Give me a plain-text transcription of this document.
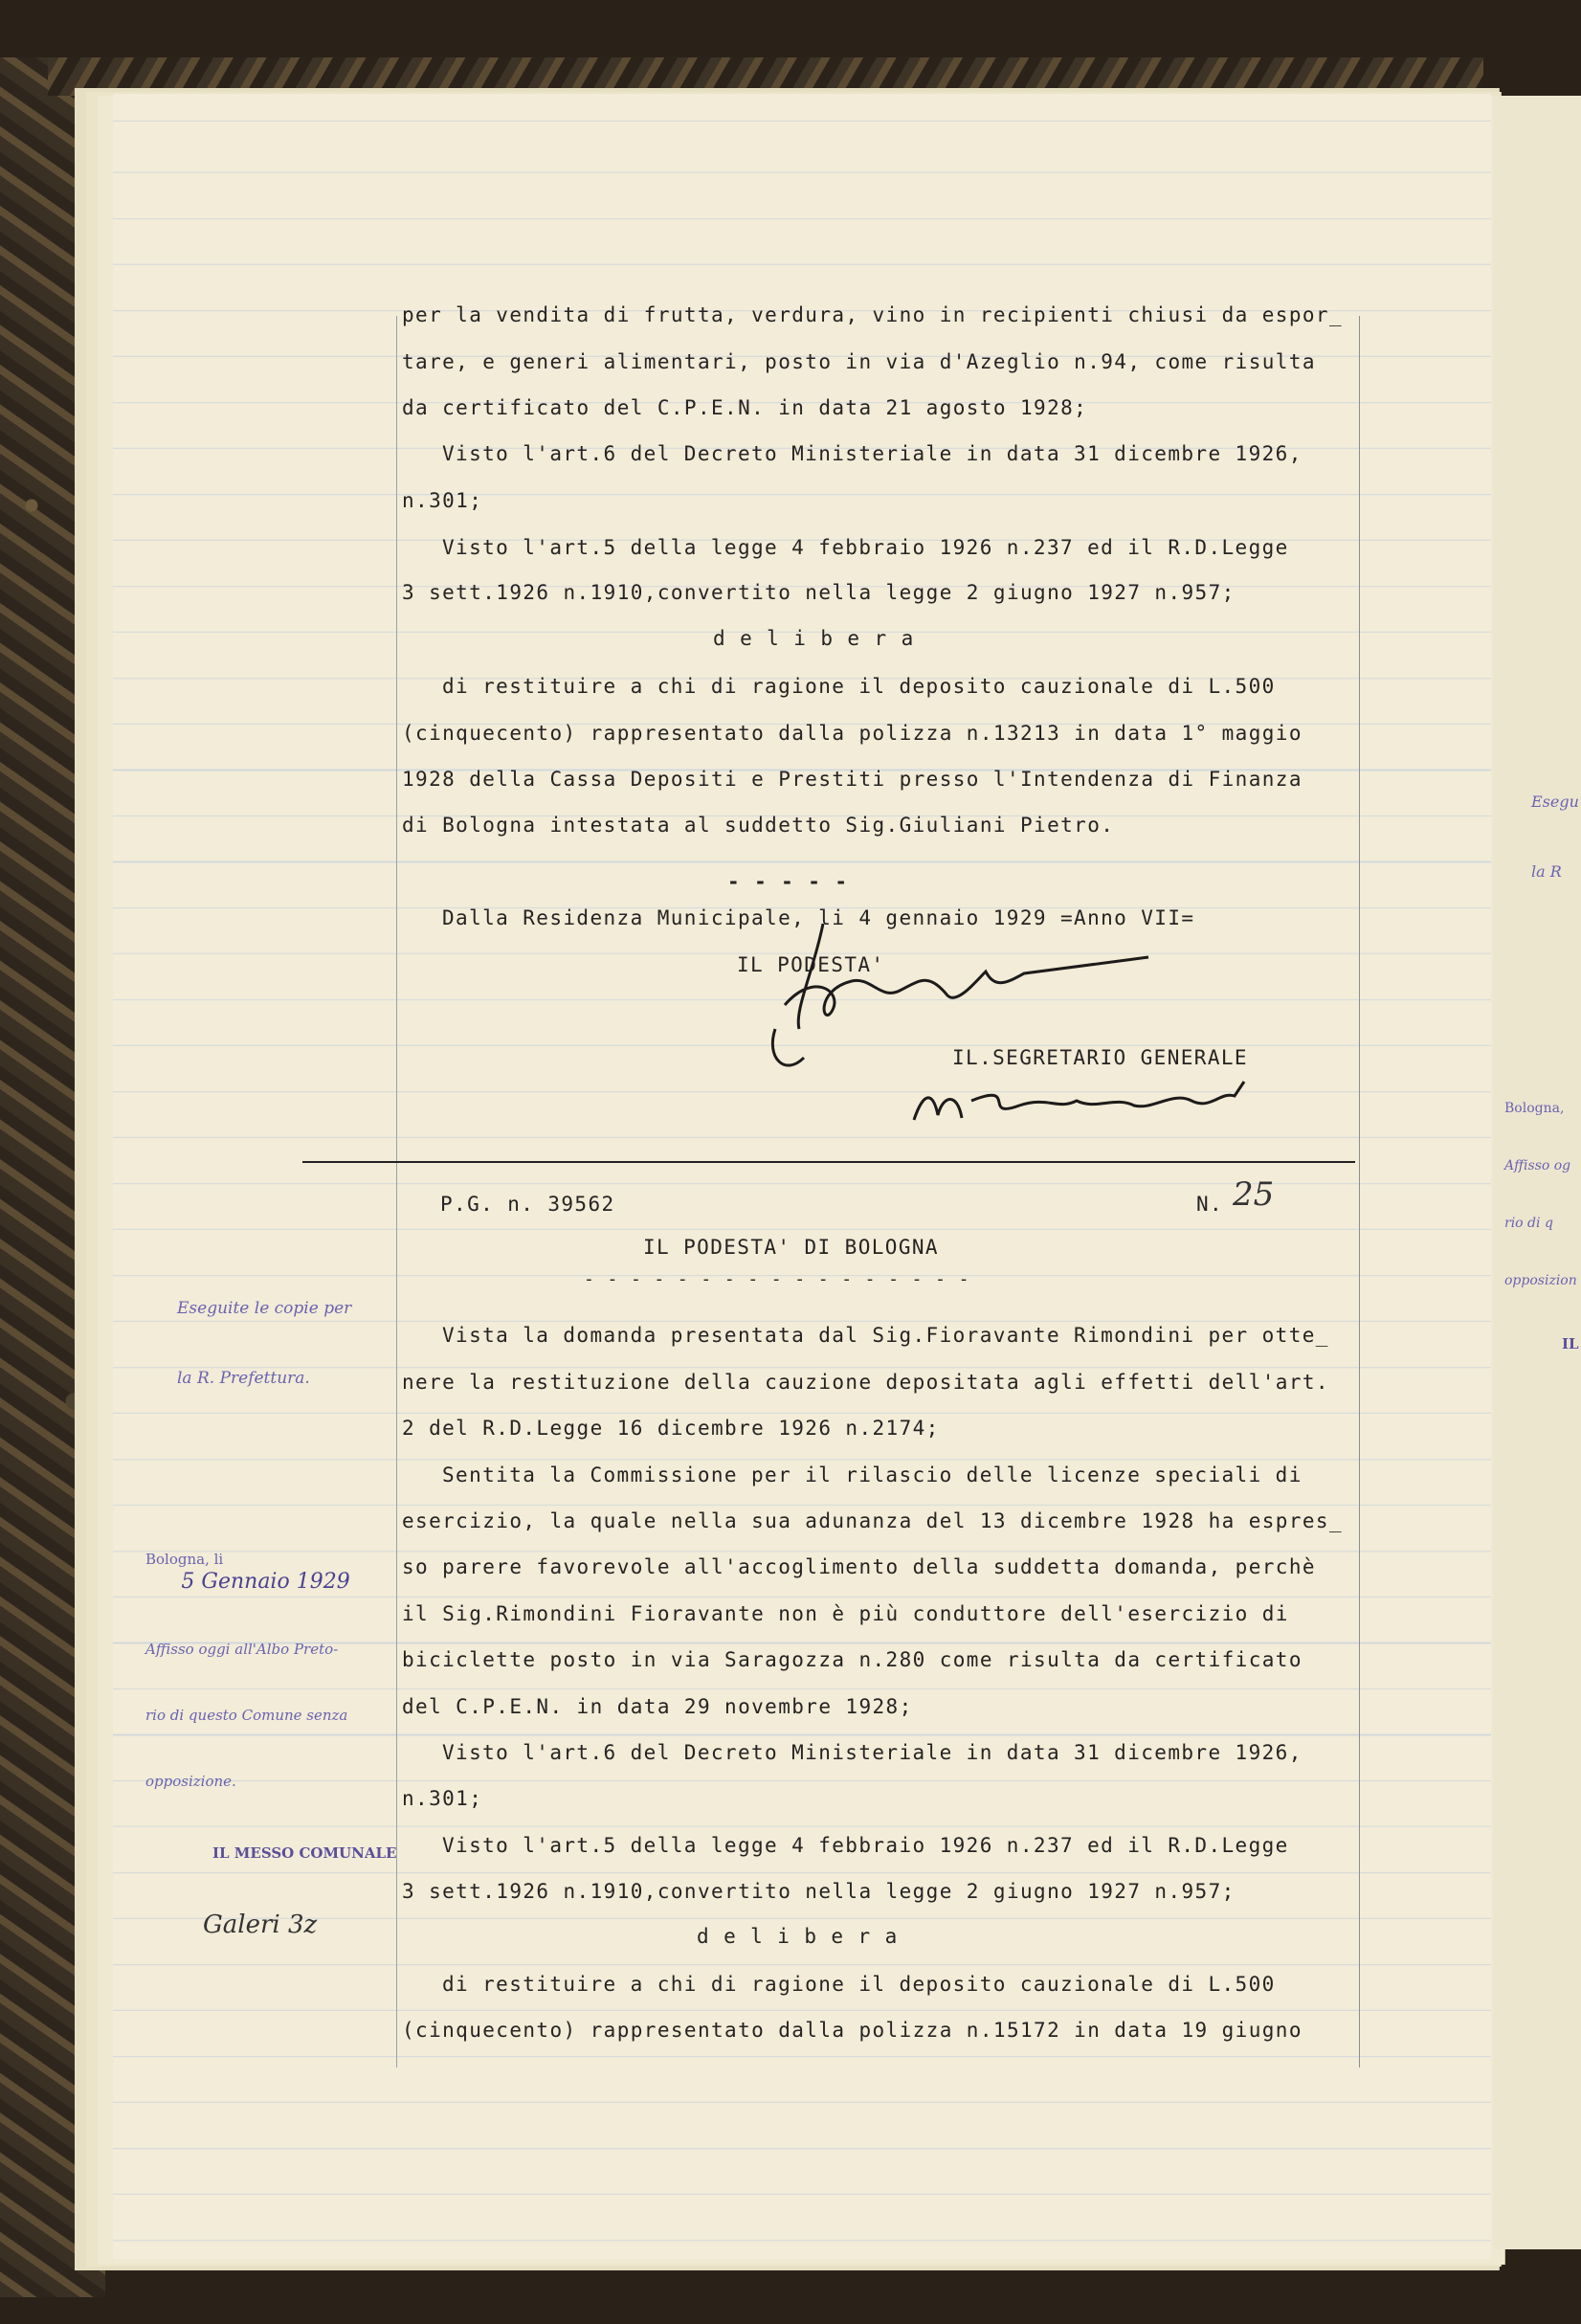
per la vendita di frutta, verdura, vino in recipienti chiusi da espor_

tare, e generi alimentari, posto in via d'Azeglio n.94, come risulta

da certificato del C.P.E.N. in data 21 agosto 1928;

Visto l'art.6 del Decreto Ministeriale in data 31 dicembre 1926,

n.301;

Visto l'art.5 della legge 4 febbraio 1926 n.237 ed il R.D.Legge

3 sett.1926 n.1910,convertito nella legge 2 giugno 1927 n.957;

d e l i b e r a

di restituire a chi di ragione il deposito cauzionale di L.500

(cinquecento) rappresentato dalla polizza n.13213 in data 1° maggio

1928 della Cassa Depositi e Prestiti presso l'Intendenza di Finanza

di Bologna intestata al suddetto Sig.Giuliani Pietro.

- - - - -

Dalla Residenza Municipale, li 4 gennaio 1929 =Anno VII=

IL PODESTA'

IL.SEGRETARIO GENERALE

P.G. n. 39562	N. 25

IL PODESTA' DI BOLOGNA

- - - - - - - - - - - - - - - - -

Vista la domanda presentata dal Sig.Fioravante Rimondini per otte_

nere la restituzione della cauzione depositata agli effetti dell'art.

2 del R.D.Legge 16 dicembre 1926 n.2174;

Sentita la Commissione per il rilascio delle licenze speciali di

esercizio, la quale nella sua adunanza del 13 dicembre 1928 ha espres_

so parere favorevole all'accoglimento della suddetta domanda, perchè

il Sig.Rimondini Fioravante non è più conduttore dell'esercizio di

biciclette posto in via Saragozza n.280 come risulta da certificato

del C.P.E.N. in data 29 novembre 1928;

Visto l'art.6 del Decreto Ministeriale in data 31 dicembre 1926,

n.301;

Visto l'art.5 della legge 4 febbraio 1926 n.237 ed il R.D.Legge

3 sett.1926 n.1910,convertito nella legge 2 giugno 1927 n.957;

d e l i b e r a

di restituire a chi di ragione il deposito cauzionale di L.500

(cinquecento) rappresentato dalla polizza n.15172 in data 19 giugno

Eseguite le copie per

la R. Prefettura.

Bologna, li
5 Gennaio 1929

Affisso oggi all'Albo Preto-

rio di questo Comune senza

opposizione.

IL MESSO COMUNALE

Galeri 3z

Esegu

la R

Bologna,

Affisso og

rio di q

opposizion

IL
